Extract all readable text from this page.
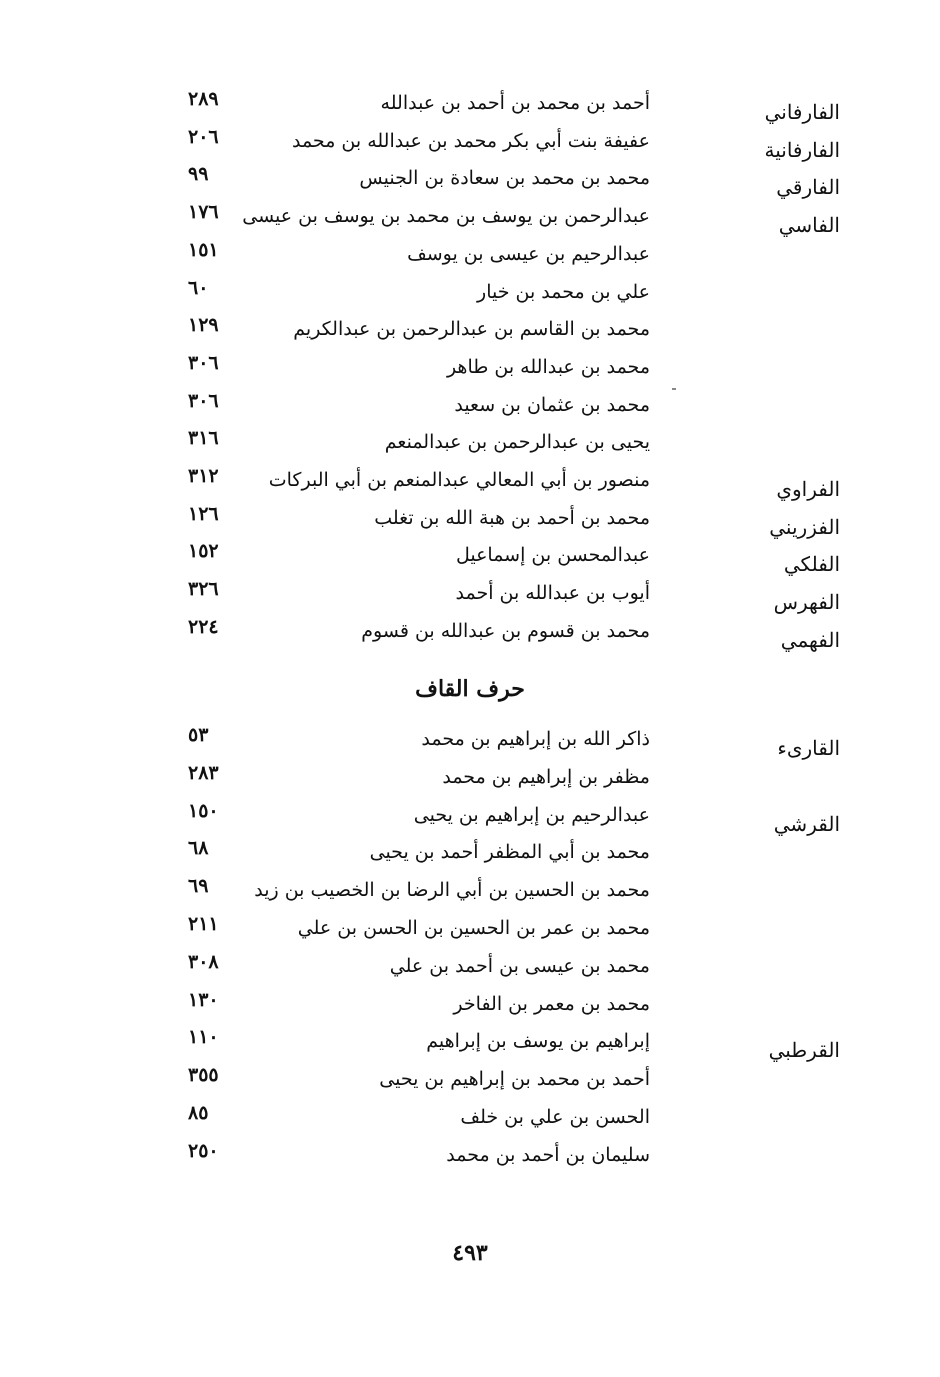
الفارفاني
أحمد بن محمد بن أحمد بن عبدالله
٢٨٩
الفارفانية
عفيفة بنت أبي بكر محمد بن عبدالله بن محمد
٢٠٦
الفارقي
محمد بن محمد بن سعادة بن الجنيس
٩٩
الفاسي
عبدالرحمن بن يوسف بن محمد بن يوسف بن عيسى
١٧٦
عبدالرحيم بن عيسى بن يوسف
١٥١
علي بن محمد بن خيار
٦٠
محمد بن القاسم بن عبدالرحمن بن عبدالكريم
١٢٩
محمد بن عبدالله بن طاهر
٣٠٦
محمد بن عثمان بن سعيد
٣٠٦
يحيى بن عبدالرحمن بن عبدالمنعم
٣١٦
الفراوي
منصور بن أبي المعالي عبدالمنعم بن أبي البركات
٣١٢
الفزريني
محمد بن أحمد بن هبة الله بن تغلب
١٢٦
الفلكي
عبدالمحسن بن إسماعيل
١٥٢
الفهرس
أيوب بن عبدالله بن أحمد
٣٢٦
الفهمي
محمد بن قسوم بن عبدالله بن قسوم
٢٢٤
حرف القاف
القارىء
ذاكر الله بن إبراهيم بن محمد
٥٣
مظفر بن إبراهيم بن محمد
٢٨٣
القرشي
عبدالرحيم بن إبراهيم بن يحيى
١٥٠
محمد بن أبي المظفر أحمد بن يحيى
٦٨
محمد بن الحسين بن أبي الرضا بن الخصيب بن زيد
٦٩
محمد بن عمر بن الحسين بن الحسن بن علي
٢١١
محمد بن عيسى بن أحمد بن علي
٣٠٨
محمد بن معمر بن الفاخر
١٣٠
القرطبي
إبراهيم بن يوسف بن إبراهيم
١١٠
أحمد بن محمد بن إبراهيم بن يحيى
٣٥٥
الحسن بن علي بن خلف
٨٥
سليمان بن أحمد بن محمد
٢٥٠
٤٩٣
